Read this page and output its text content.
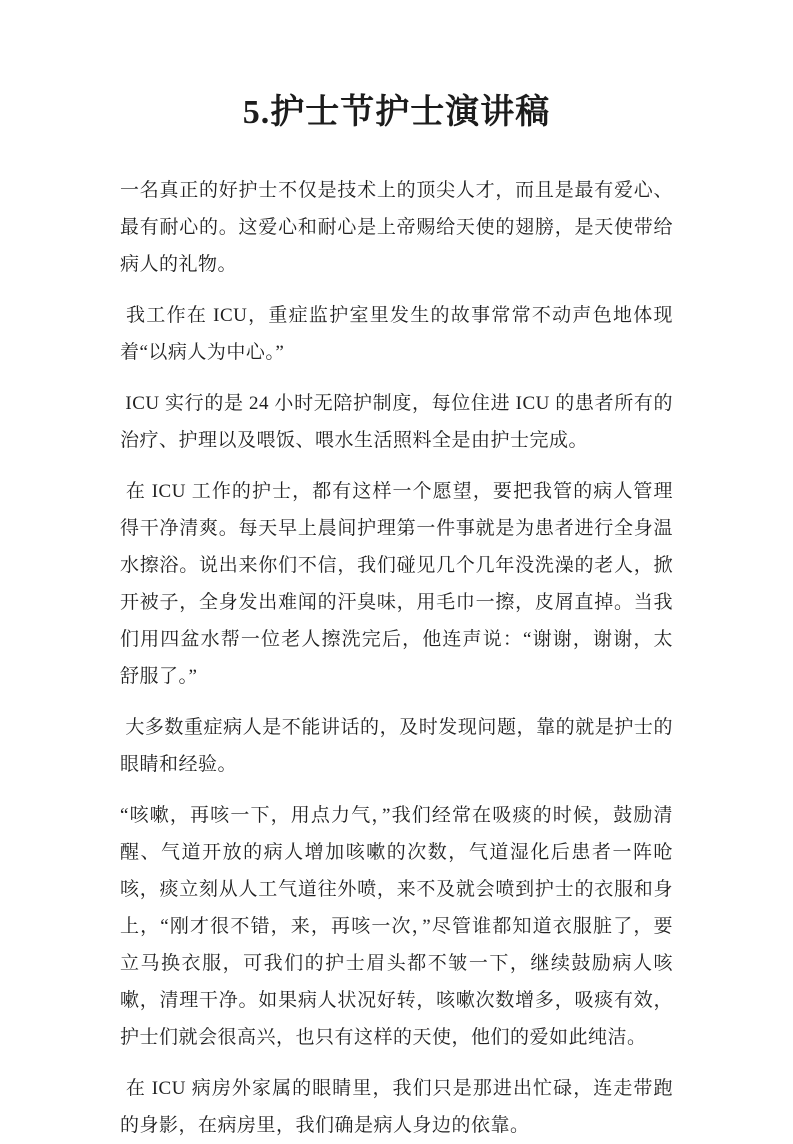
5.护士节护士演讲稿

一名真正的好护士不仅是技术上的顶尖人才，而且是最有爱心、最有耐心的。这爱心和耐心是上帝赐给天使的翅膀，是天使带给病人的礼物。

我工作在 ICU，重症监护室里发生的故事常常不动声色地体现着“以病人为中心。”

ICU 实行的是 24 小时无陪护制度，每位住进 ICU 的患者所有的治疗、护理以及喂饭、喂水生活照料全是由护士完成。

在 ICU 工作的护士，都有这样一个愿望，要把我管的病人管理得干净清爽。每天早上晨间护理第一件事就是为患者进行全身温水擦浴。说出来你们不信，我们碰见几个几年没洗澡的老人，掀开被子，全身发出难闻的汗臭味，用毛巾一擦，皮屑直掉。当我们用四盆水帮一位老人擦洗完后，他连声说：“谢谢，谢谢，太舒服了。”

大多数重症病人是不能讲话的，及时发现问题，靠的就是护士的眼睛和经验。

“咳嗽，再咳一下，用点力气，”我们经常在吸痰的时候，鼓励清醒、气道开放的病人增加咳嗽的次数，气道湿化后患者一阵呛咳，痰立刻从人工气道往外喷，来不及就会喷到护士的衣服和身上，“刚才很不错，来，再咳一次，”尽管谁都知道衣服脏了，要立马换衣服，可我们的护士眉头都不皱一下，继续鼓励病人咳嗽，清理干净。如果病人状况好转，咳嗽次数增多，吸痰有效，护士们就会很高兴，也只有这样的天使，他们的爱如此纯洁。

在 ICU 病房外家属的眼睛里，我们只是那进出忙碌，连走带跑的身影，在病房里，我们确是病人身边的依靠。
